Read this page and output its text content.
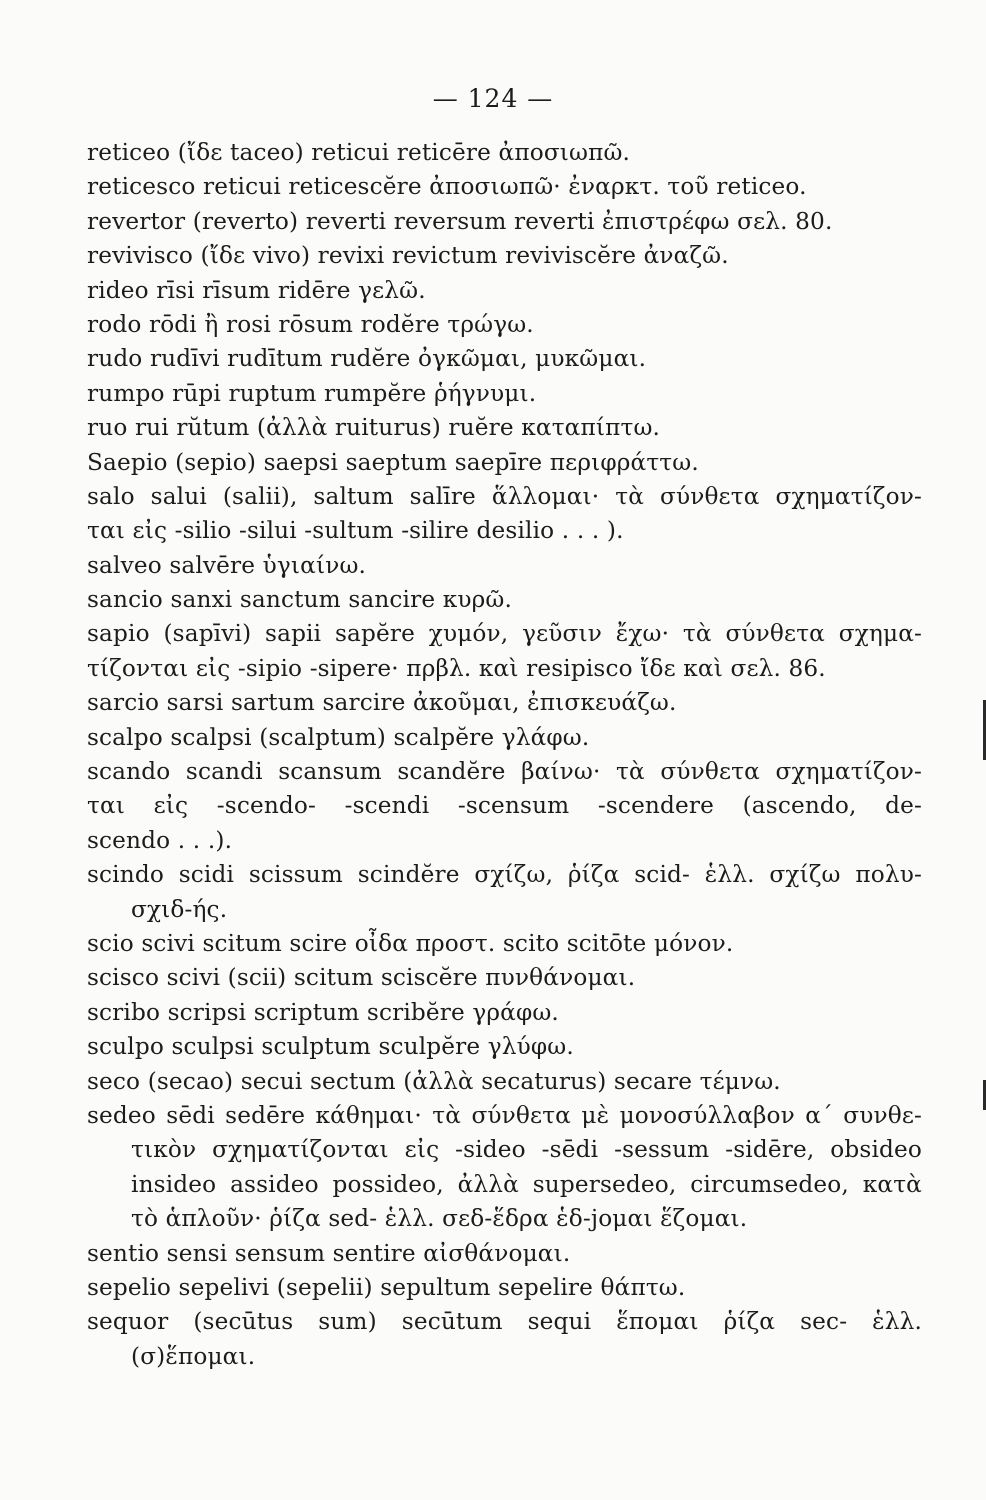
— 124 —
reticeo (ἴδε taceo) reticui reticēre ἀποσιωπῶ.
reticesco reticui reticescĕre ἀποσιωπῶ· ἐναρκτ. τοῦ reticeo.
revertor (reverto) reverti reversum reverti ἐπιστρέφω σελ. 80.
revivisco (ἴδε vivo) revixi revictum reviviscĕre ἀναζῶ.
rideo rīsi rīsum ridēre γελῶ.
rodo rōdi ἢ rosi rōsum rodĕre τρώγω.
rudo rudīvi rudītum rudĕre ὀγκῶμαι, μυκῶμαι.
rumpo rūpi ruptum rumpĕre ῥήγνυμι.
ruo rui rŭtum (ἀλλὰ ruiturus) ruĕre καταπίπτω.
Saepio (sepio) saepsi saeptum saepīre περιφράττω.
salo salui (salii), saltum salīre ἅλλομαι· τὰ σύνθετα σχηματίζον-
ται εἰς -silio -silui -sultum -silire desilio . . . ).
salveo salvēre ὑγιαίνω.
sancio sanxi sanctum sancire κυρῶ.
sapio (sapīvi) sapii sapĕre χυμόν, γεῦσιν ἔχω· τὰ σύνθετα σχημα-
τίζονται εἰς -sipio -sipere· πρβλ. καὶ resipisco ἴδε καὶ σελ. 86.
sarcio sarsi sartum sarcire ἀκοῦμαι, ἐπισκευάζω.
scalpo scalpsi (scalptum) scalpĕre γλάφω.
scando scandi scansum scandĕre βαίνω· τὰ σύνθετα σχηματίζον-
ται εἰς -scendo- -scendi -scensum -scendere (ascendo, de-
scendo . . .).
scindo scidi scissum scindĕre σχίζω, ῥίζα scid- ἑλλ. σχίζω πολυ-
σχιδ-ής.
scio scivi scitum scire οἶδα προστ. scito scitōte μόνον.
scisco scivi (scii) scitum sciscĕre πυνθάνομαι.
scribo scripsi scriptum scribĕre γράφω.
sculpo sculpsi sculptum sculpĕre γλύφω.
seco (secao) secui sectum (ἀλλὰ secaturus) secare τέμνω.
sedeo sēdi sedēre κάθημαι· τὰ σύνθετα μὲ μονοσύλλαβον α΄ συνθε-
τικὸν σχηματίζονται εἰς -sideo -sēdi -sessum -sidēre, obsideo
insideo assideo possideo, ἀλλὰ supersedeo, circumsedeo, κατὰ
τὸ ἁπλοῦν· ῥίζα sed- ἑλλ. σεδ-ἕδρα ἑδ-jομαι ἕζομαι.
sentio sensi sensum sentire αἰσθάνομαι.
sepelio sepelivi (sepelii) sepultum sepelire θάπτω.
sequor (secūtus sum) secūtum sequi ἕπομαι ῥίζα sec- ἑλλ.
(σ)ἕπομαι.
